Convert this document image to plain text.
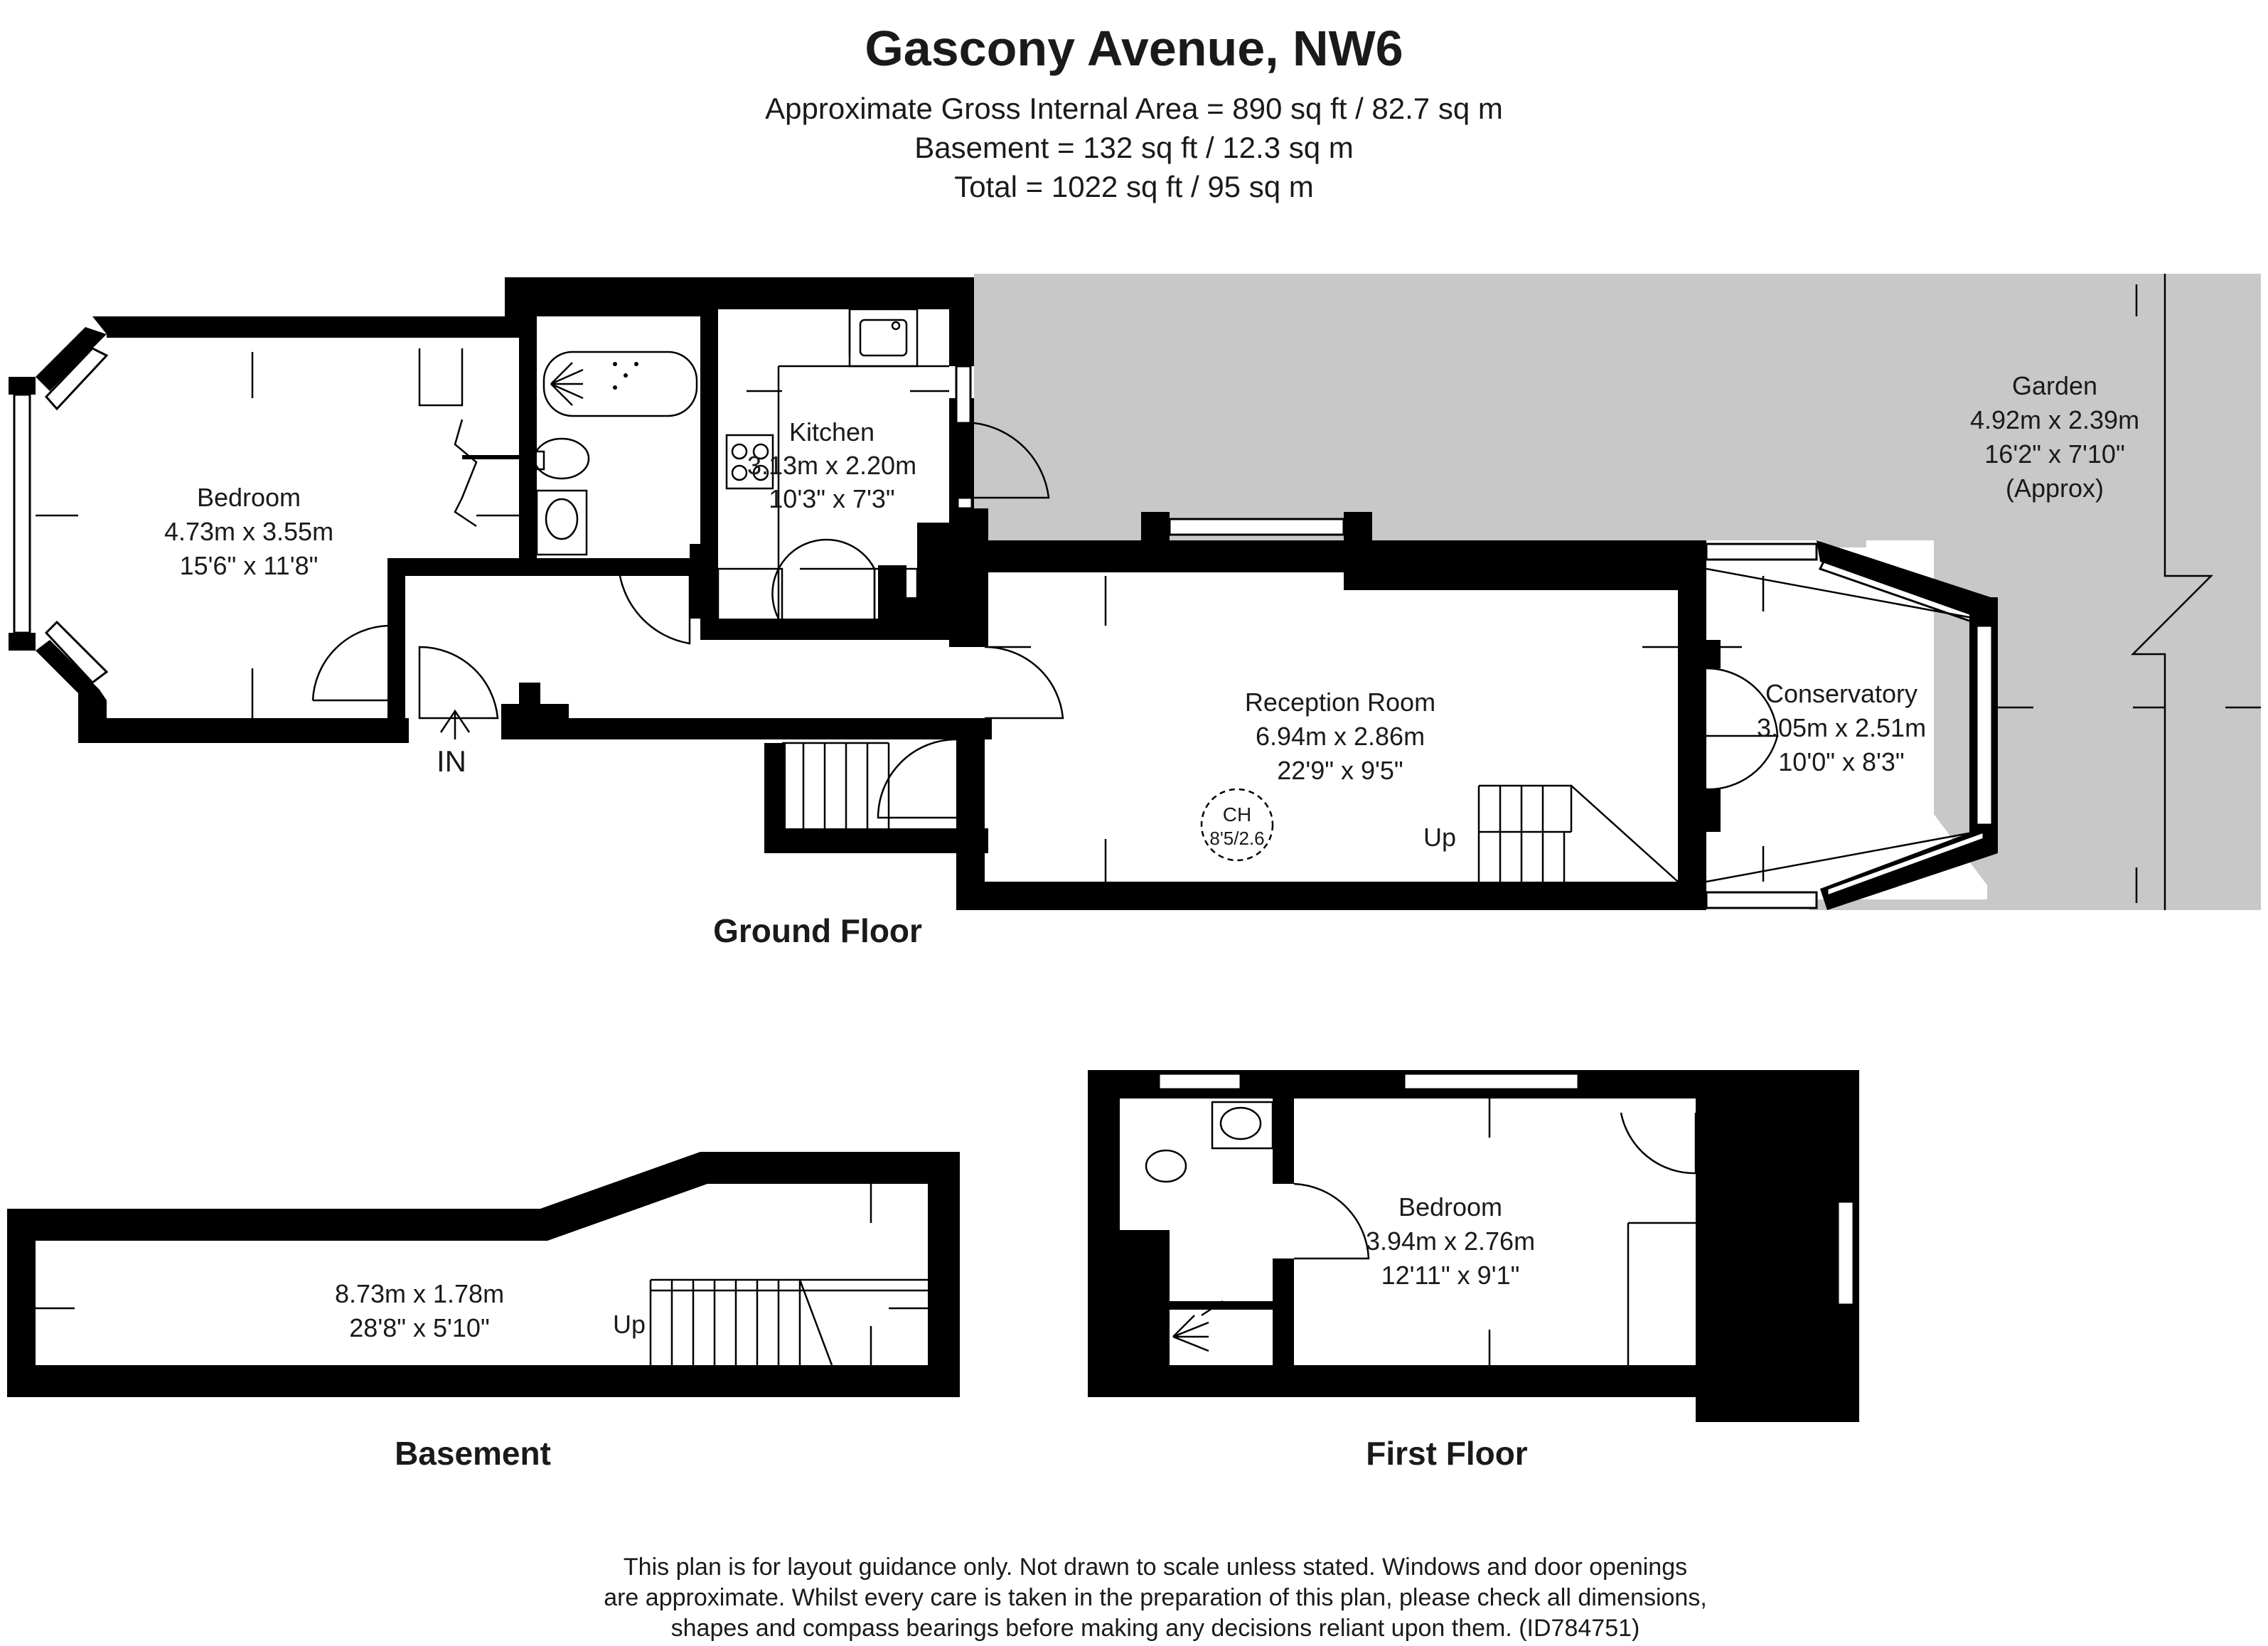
Gascony Avenue, NW6
Approximate Gross Internal Area = 890 sq ft / 82.7 sq m
Basement = 132 sq ft / 12.3 sq m
Total = 1022 sq ft / 95 sq m
Bedroom
4.73m x 3.55m
15'6" x 11'8"
Kitchen
3.13m x 2.20m
10'3" x 7'3"
Reception Room
6.94m x 2.86m
22'9" x 9'5"
CH
8'5/2.6	Up
Conservatory
3.05m x 2.51m
10'0" x 8'3"
Garden
4.92m x 2.39m
16'2" x 7'10"
(Approx)
IN
Ground Floor
8.73m x 1.78m
28'8" x 5'10"	Up
Basement
Bedroom
3.94m x 2.76m
12'11" x 9'1"
First Floor
This plan is for layout guidance only. Not drawn to scale unless stated. Windows and door openings
are approximate. Whilst every care is taken in the preparation of this plan, please check all dimensions,
shapes and compass bearings before making any decisions reliant upon them. (ID784751)
